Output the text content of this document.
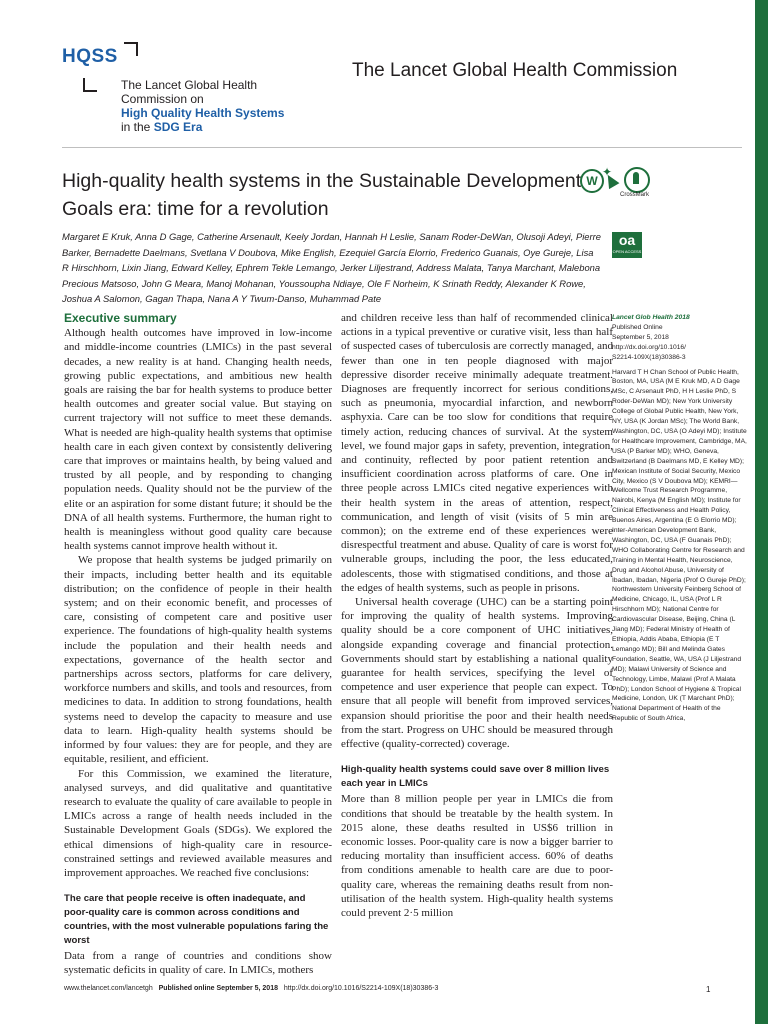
HQSS
The Lancet Global Health
Commission on
High Quality Health Systems
in the SDG Era
The Lancet Global Health Commission
High-quality health systems in the Sustainable Development Goals era: time for a revolution
W
✦
CrossMark
oa
OPEN ACCESS
Margaret E Kruk, Anna D Gage, Catherine Arsenault, Keely Jordan, Hannah H Leslie, Sanam Roder-DeWan, Olusoji Adeyi, Pierre Barker, Bernadette Daelmans, Svetlana V Doubova, Mike English, Ezequiel García Elorrio, Frederico Guanais, Oye Gureje, Lisa R Hirschhorn, Lixin Jiang, Edward Kelley, Ephrem Tekle Lemango, Jerker Liljestrand, Address Malata, Tanya Marchant, Malebona Precious Matsoso, John G Meara, Manoj Mohanan, Youssoupha Ndiaye, Ole F Norheim, K Srinath Reddy, Alexander K Rowe, Joshua A Salomon, Gagan Thapa, Nana A Y Twum-Danso, Muhammad Pate
Executive summary

Although health outcomes have improved in low-income and middle-income countries (LMICs) in the past several decades, a new reality is at hand. Changing health needs, growing public expectations, and ambitious new health goals are raising the bar for health systems to produce better health outcomes and greater social value. But staying on current trajectory will not suffice to meet these demands. What is needed are high-quality health systems that optimise health care in each given context by consistently delivering care that improves or maintains health, by being valued and trusted by all people, and by responding to changing population needs. Quality should not be the purview of the elite or an aspiration for some distant future; it should be the DNA of all health systems. Furthermore, the human right to health is meaningless without good quality care because health systems cannot improve health without it.

We propose that health systems be judged primarily on their impacts, including better health and its equitable distribution; on the confidence of people in their health system; and on their economic benefit, and processes of care, consisting of competent care and positive user experience. The foundations of high-quality health systems include the population and their health needs and expectations, governance of the health sector and partnerships across sectors, platforms for care delivery, workforce numbers and skills, and tools and resources, from medicines to data. In addition to strong foundations, health systems need to develop the capacity to measure and use data to learn. High-quality health systems should be informed by four values: they are for people, and they are equitable, resilient, and efficient.

For this Commission, we examined the literature, analysed surveys, and did qualitative and quantitative research to evaluate the quality of care available to people in LMICs across a range of health needs included in the Sustainable Development Goals (SDGs). We explored the ethical dimensions of high-quality care in resource-constrained settings and reviewed available measures and improvement approaches. We reached five conclusions:

The care that people receive is often inadequate, and poor-quality care is common across conditions and countries, with the most vulnerable populations faring the worst

Data from a range of countries and conditions show systematic deficits in quality of care. In LMICs, mothers

and children receive less than half of recommended clinical actions in a typical preventive or curative visit, less than half of suspected cases of tuberculosis are correctly managed, and fewer than one in ten people diagnosed with major depressive disorder receive minimally adequate treatment. Diagnoses are frequently incorrect for serious conditions, such as pneumonia, myocardial infarction, and newborn asphyxia. Care can be too slow for conditions that require timely action, reducing chances of survival. At the system level, we found major gaps in safety, prevention, integration, and continuity, reflected by poor patient retention and insufficient coordination across platforms of care. One in three people across LMICs cited negative experiences with their health system in the areas of attention, respect, communication, and length of visit (visits of 5 min are common); on the extreme end of these experiences were disrespectful treatment and abuse. Quality of care is worst for vulnerable groups, including the poor, the less educated, adolescents, those with stigmatised conditions, and those at the edges of health systems, such as people in prisons.

Universal health coverage (UHC) can be a starting point for improving the quality of health systems. Improving quality should be a core component of UHC initiatives, alongside expanding coverage and financial protection. Governments should start by establishing a national quality guarantee for health services, specifying the level of competence and user experience that people can expect. To ensure that all people will benefit from improved services, expansion should prioritise the poor and their health needs from the start. Progress on UHC should be measured through effective (quality-corrected) coverage.

High-quality health systems could save over 8 million lives each year in LMICs

More than 8 million people per year in LMICs die from conditions that should be treatable by the health system. In 2015 alone, these deaths resulted in US$6 trillion in economic losses. Poor-quality care is now a bigger barrier to reducing mortality than insufficient access. 60% of deaths from conditions amenable to health care are due to poor-quality care, whereas the remaining deaths result from non-utilisation of the health system. High-quality health systems could prevent 2·5 million

Lancet Glob Health 2018
Published Online
September 5, 2018
http://dx.doi.org/10.1016/
S2214-109X(18)30386-3

Harvard T H Chan School of Public Health, Boston, MA, USA (M E Kruk MD, A D Gage MSc, C Arsenault PhD, H H Leslie PhD, S Roder-DeWan MD); New York University College of Global Public Health, New York, NY, USA (K Jordan MSc); The World Bank, Washington, DC, USA (O Adeyi MD); Institute for Healthcare Improvement, Cambridge, MA, USA (P Barker MD); WHO, Geneva, Switzerland (B Daelmans MD, E Kelley MD); Mexican Institute of Social Security, Mexico City, Mexico (S V Doubova MD); KEMRI—Wellcome Trust Research Programme, Nairobi, Kenya (M English MD); Institute for Clinical Effectiveness and Health Policy, Buenos Aires, Argentina (E G Elorrio MD); Inter-American Development Bank, Washington, DC, USA (F Guanais PhD); WHO Collaborating Centre for Research and Training in Mental Health, Neuroscience, Drug and Alcohol Abuse, University of Ibadan, Ibadan, Nigeria (Prof O Gureje PhD); Northwestern University Feinberg School of Medicine, Chicago, IL, USA (Prof L R Hirschhorn MD); National Centre for Cardiovascular Disease, Beijing, China (L Jiang MD); Federal Ministry of Health of Ethiopia, Addis Ababa, Ethiopia (E T Lemango MD); Bill and Melinda Gates Foundation, Seattle, WA, USA (J Liljestrand MD); Malawi University of Science and Technology, Limbe, Malawi (Prof A Malata PhD); London School of Hygiene & Tropical Medicine, London, UK (T Marchant PhD); National Department of Health of the Republic of South Africa,

www.thelancet.com/lancetgh Published online September 5, 2018 http://dx.doi.org/10.1016/S2214-109X(18)30386-3	1
